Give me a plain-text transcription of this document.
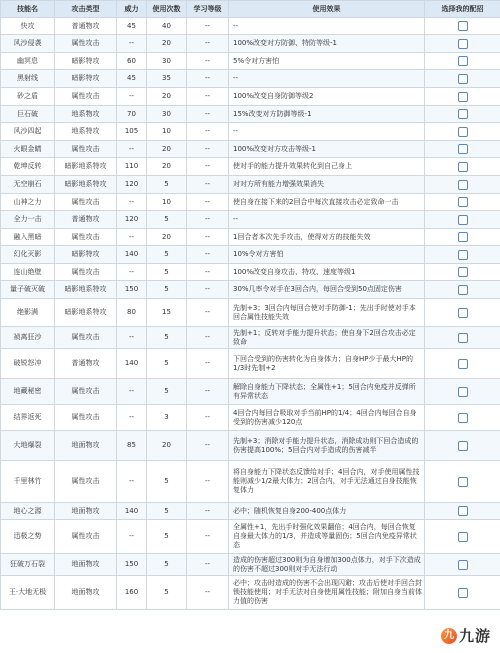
技能名	攻击类型	威力	使用次数	学习等级	使用效果	选择我的配招
快攻	普通物攻	45	40	--	--	
风沙侵袭	属性攻击	--	20	--	100%改变对方防御、特防等级-1	
幽冥息	暗影特攻	60	30	--	5%令对方害怕	
黑射线	暗影特攻	45	35	--	--	
砂之盾	属性攻击	--	20	--	100%改变自身防御等级2	
巨石破	地系物攻	70	30	--	15%改变对方防御等级-1	
风沙四起	地系特攻	105	10	--	--	
火眼金睛	属性攻击	--	20	--	100%改变对方攻击等级-1	
乾坤反转	暗影地系特攻	110	20	--	使对手的能力提升效果转化到自己身上	
无空崩石	暗影地系特攻	120	5	--	对对方所有能力增强效果消失	
山神之力	属性攻击	--	10	--	使自身在接下来的2回合中每次直接攻击必定致命一击	
全力一击	普通物攻	120	5	--	--	
融入黑暗	属性攻击	--	20	--	1回合者本次先手攻击，使得对方的技能失效	
幻化灭影	暗影特攻	140	5	--	10%令对方害怕	
连山绝壁	属性攻击	--	5	--	100%改变自身攻击、特攻、速度等级1	
量子破灭破	暗影地系特攻	150	5	--	30%几率令对手在3回合内，每回合受到50点固定伤害	
绝影满	暗影地系特攻	80	15	--	先制+3；3回合内每回合使对手防御-1；先出手时使对手本回合属性技能失效	
祯离狂沙	属性攻击	--	5	--	先制+1；反转对手能力提升状态；使自身下2回合攻击必定致命	
破锐怒冲	普通物攻	140	5	--	下回合受到的伤害转化为自身体力；自身HP少于最大HP的1/3时先制+2	
地藏秘密	属性攻击	--	5	--	解除自身能力下降状态；全属性+1；5回合内免疫并反弹所有异常状态	
结界返死	属性攻击	--	3	--	4回合内每回合吸取对手当前HP的1/4；4回合内每回合自身受到的伤害减少120点	
大地爆裂	地面物攻	85	20	--	先制+3；消除对手能力提升状态，消除成功则下回合造成的伤害提高100%；5回合内对手造成的伤害减半	
千里林竹	属性攻击	--	5	--	将自身能力下降状态反馈给对手；4回合内，对手使用属性技能则减少1/2最大体力；2回合内，对手无法通过自身技能恢复体力	
地心之源	地面物攻	140	5	--	必中；随机恢复自身200-400点体力	
迅极之势	属性攻击	--	5	--	全属性+1，先出手时强化效果翻倍；4回合内，每回合恢复自身最大体力的1/3，并造成等量固伤；5回合内免疫异常状态	
狂破万石裂	地面物攻	150	5	--	造成的伤害超过300则为自身增加300点体力，对手下次造成的伤害不超过300则对手无法行动	
王·大地无极	地面物攻	160	5	--	必中；攻击时造成的伤害不会出现闪避；攻击后使对手回合封锁技能使用；对手无法对自身使用属性技能；附加自身当前体力值的伤害	
九 九游
